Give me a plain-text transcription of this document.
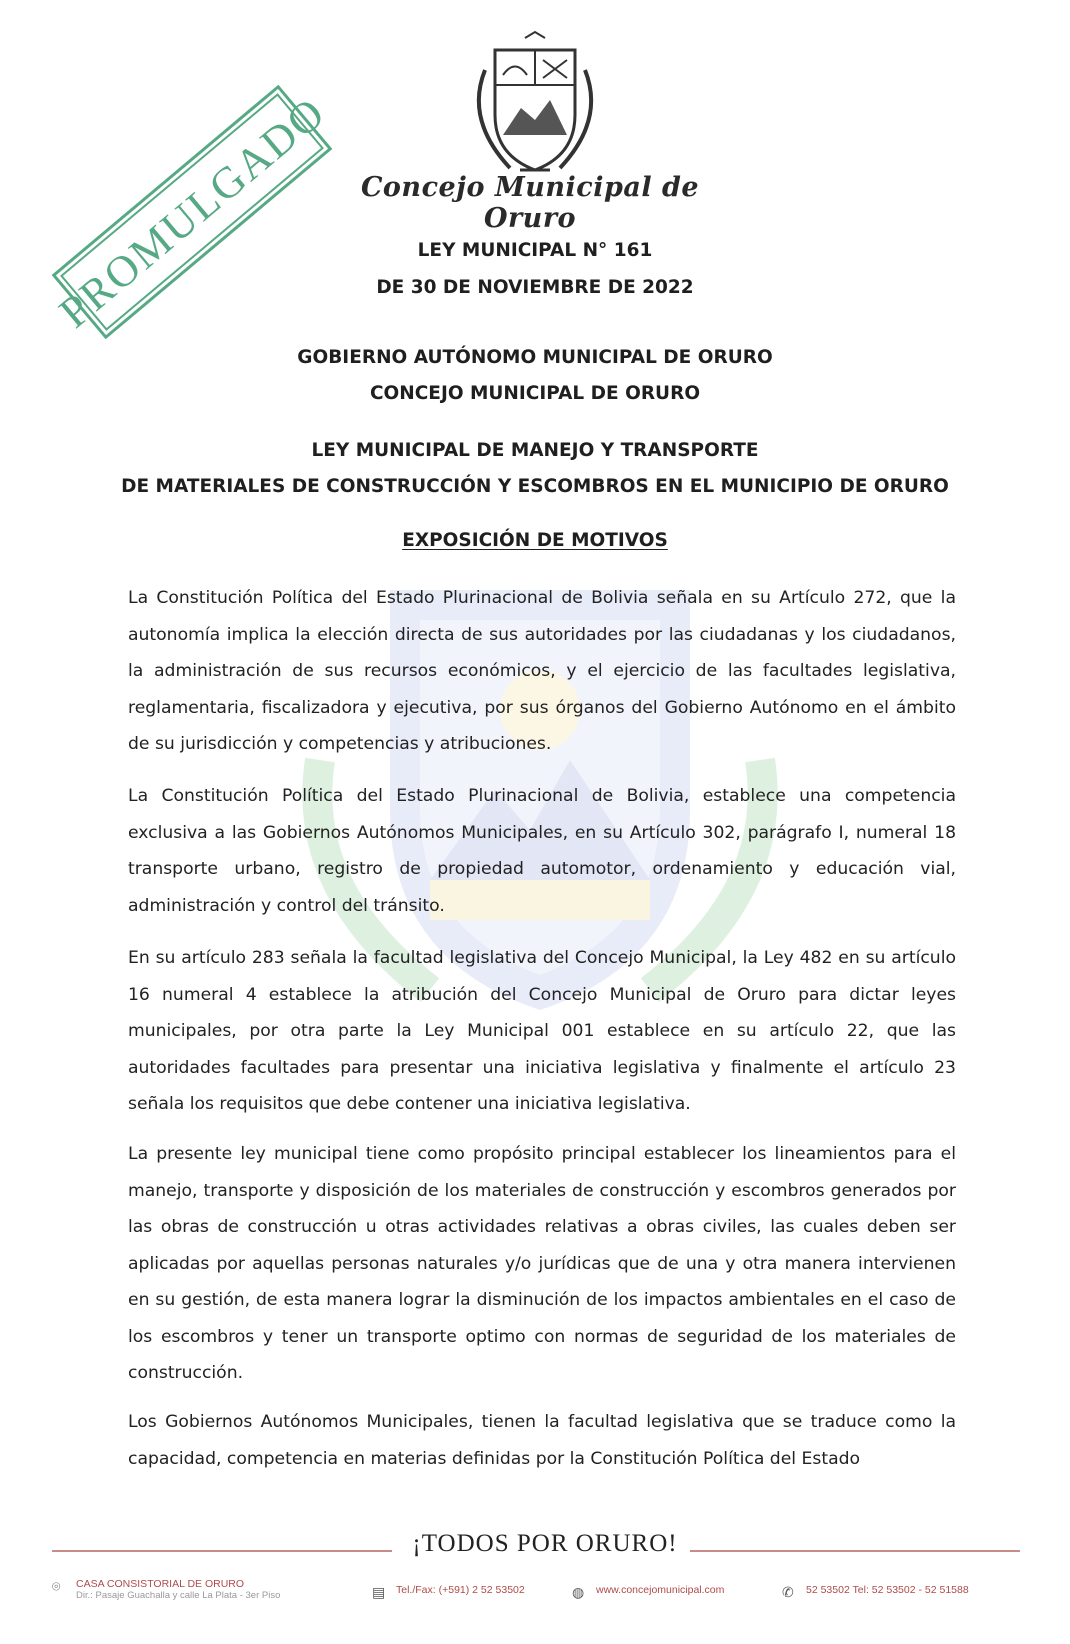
Concejo Municipal de Oruro
PROMULGADO	LEY MUNICIPAL N° 161
DE 30 DE NOVIEMBRE DE 2022
GOBIERNO AUTÓNOMO MUNICIPAL DE ORURO
CONCEJO MUNICIPAL DE ORURO
LEY MUNICIPAL DE MANEJO Y TRANSPORTE
DE MATERIALES DE CONSTRUCCIÓN Y ESCOMBROS EN EL MUNICIPIO DE ORURO
EXPOSICIÓN DE MOTIVOS
La Constitución Política del Estado Plurinacional de Bolivia señala en su Artículo 272, que la autonomía implica la elección directa de sus autoridades por las ciudadanas y los ciudadanos, la administración de sus recursos económicos, y el ejercicio de las facultades legislativa, reglamentaria, fiscalizadora y ejecutiva, por sus órganos del Gobierno Autónomo en el ámbito de su jurisdicción y competencias y atribuciones.
La Constitución Política del Estado Plurinacional de Bolivia, establece una competencia exclusiva a las Gobiernos Autónomos Municipales, en su Artículo 302, parágrafo I, numeral 18 transporte urbano, registro de propiedad automotor, ordenamiento y educación vial, administración y control del tránsito.
En su artículo 283 señala la facultad legislativa del Concejo Municipal, la Ley 482 en su artículo 16 numeral 4 establece la atribución del Concejo Municipal de Oruro para dictar leyes municipales, por otra parte la Ley Municipal 001 establece en su artículo 22, que las autoridades facultades para presentar una iniciativa legislativa y finalmente el artículo 23 señala los requisitos que debe contener una iniciativa legislativa.
La presente ley municipal tiene como propósito principal establecer los lineamientos para el manejo, transporte y disposición de los materiales de construcción y escombros generados por las obras de construcción u otras actividades relativas a obras civiles, las cuales deben ser aplicadas por aquellas personas naturales y/o jurídicas que de una y otra manera intervienen en su gestión, de esta manera lograr la disminución de los impactos ambientales en el caso de los escombros y tener un transporte optimo con normas de seguridad de los materiales de construcción.
Los Gobiernos Autónomos Municipales, tienen la facultad legislativa que se traduce como la capacidad, competencia en materias definidas por la Constitución Política del Estado
¡TODOS POR ORURO!
⌾	CASA CONSISTORIAL DE ORURO
Dir.: Pasaje Guachalla y calle La Plata - 3er Piso	▤ Tel./Fax: (+591) 2 52 53502	◍	www.concejomunicipal.com	✆	52 53502 Tel: 52 53502 - 52 51588
